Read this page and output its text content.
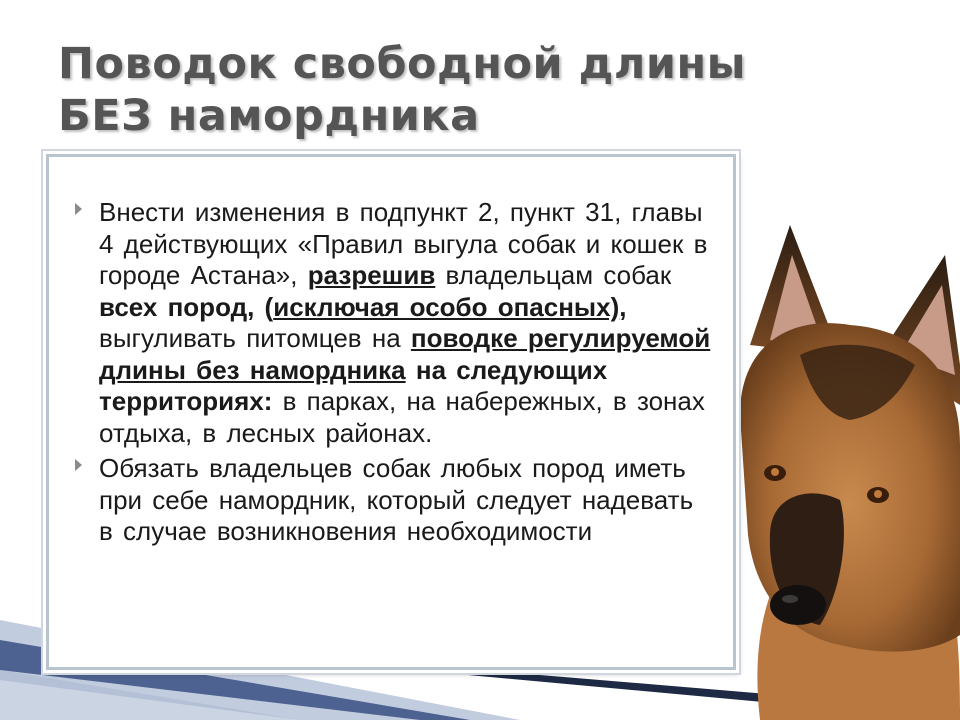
Поводок свободной длины
БЕЗ намордника
Внести изменения в подпункт 2, пункт 31, главы 4 действующих «Правил выгула собак и кошек в городе Астана», разрешив владельцам собак всех пород, (исключая особо опасных), выгуливать питомцев на поводке регулируемой длины без намордника на следующих территориях: в парках, на набережных, в зонах отдыха, в лесных районах.
Обязать владельцев собак любых пород иметь при себе намордник, который следует надевать в случае возникновения необходимости
